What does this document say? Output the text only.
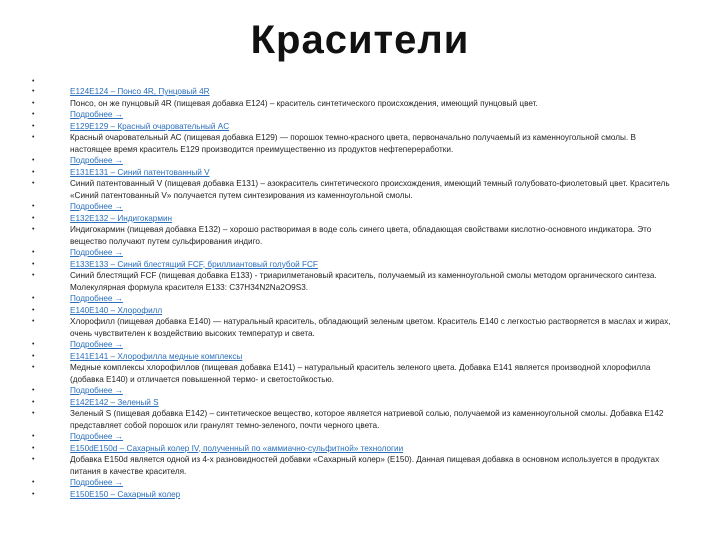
Красители
•
•	E124E124 – Понсо 4R, Пунцовый 4R
•	Понсо, он же пунцовый 4R (пищевая добавка E124) – краситель синтетического происхождения, имеющий пунцовый цвет.
•	Подробнее →
•	E129E129 – Красный очаровательный AC
•	Красный очаровательный АС (пищевая добавка E129) — порошок темно-красного цвета, первоначально получаемый из каменноугольной смолы. В настоящее время краситель E129 производится преимущественно из продуктов нефтепереработки.
•	Подробнее →
•	E131E131 – Синий патентованный V
•	Синий патентованный V (пищевая добавка E131) – азокраситель синтетического происхождения, имеющий темный голубовато-фиолетовый цвет. Краситель «Синий патентованный V» получается путем синтезирования из каменноугольной смолы.
•	Подробнее →
•	E132E132 – Индигокармин
•	Индигокармин (пищевая добавка E132) – хорошо растворимая в воде соль синего цвета, обладающая свойствами кислотно-основного индикатора. Это вещество получают путем сульфирования индиго.
•	Подробнее →
•	E133E133 – Синий блестящий FCF, бриллиантовый голубой FCF
•	Синий блестящий FCF (пищевая добавка E133) - триарилметановый краситель, получаемый из каменноугольной смолы методом органического синтеза. Молекулярная формула красителя E133: C37H34N2Na2O9S3.
•	Подробнее →
•	E140E140 – Хлорофилл
•	Хлорофилл (пищевая добавка E140) — натуральный краситель, обладающий зеленым цветом. Краситель E140 с легкостью растворяется в маслах и жирах, очень чувствителен к воздействию высоких температур и света.
•	Подробнее →
•	E141E141 – Хлорофилла медные комплексы
•	Медные комплексы хлорофиллов (пищевая добавка E141) – натуральный краситель зеленого цвета. Добавка E141 является производной хлорофилла (добавка E140) и отличается повышенной термо- и светостойкостью.
•	Подробнее →
•	E142E142 – Зеленый S
•	Зеленый S (пищевая добавка E142) – синтетическое вещество, которое является натриевой солью, получаемой из каменноугольной смолы. Добавка E142 представляет собой порошок или гранулят темно-зеленого, почти черного цвета.
•	Подробнее →
•	E150dE150d – Сахарный колер IV, полученный по «аммиачно-сульфитной» технологии
•	Добавка E150d является одной из 4-х разновидностей добавки «Сахарный колер» (E150). Данная пищевая добавка в основном используется в продуктах питания в качестве красителя.
•	Подробнее →
•	E150E150 – Сахарный колер
